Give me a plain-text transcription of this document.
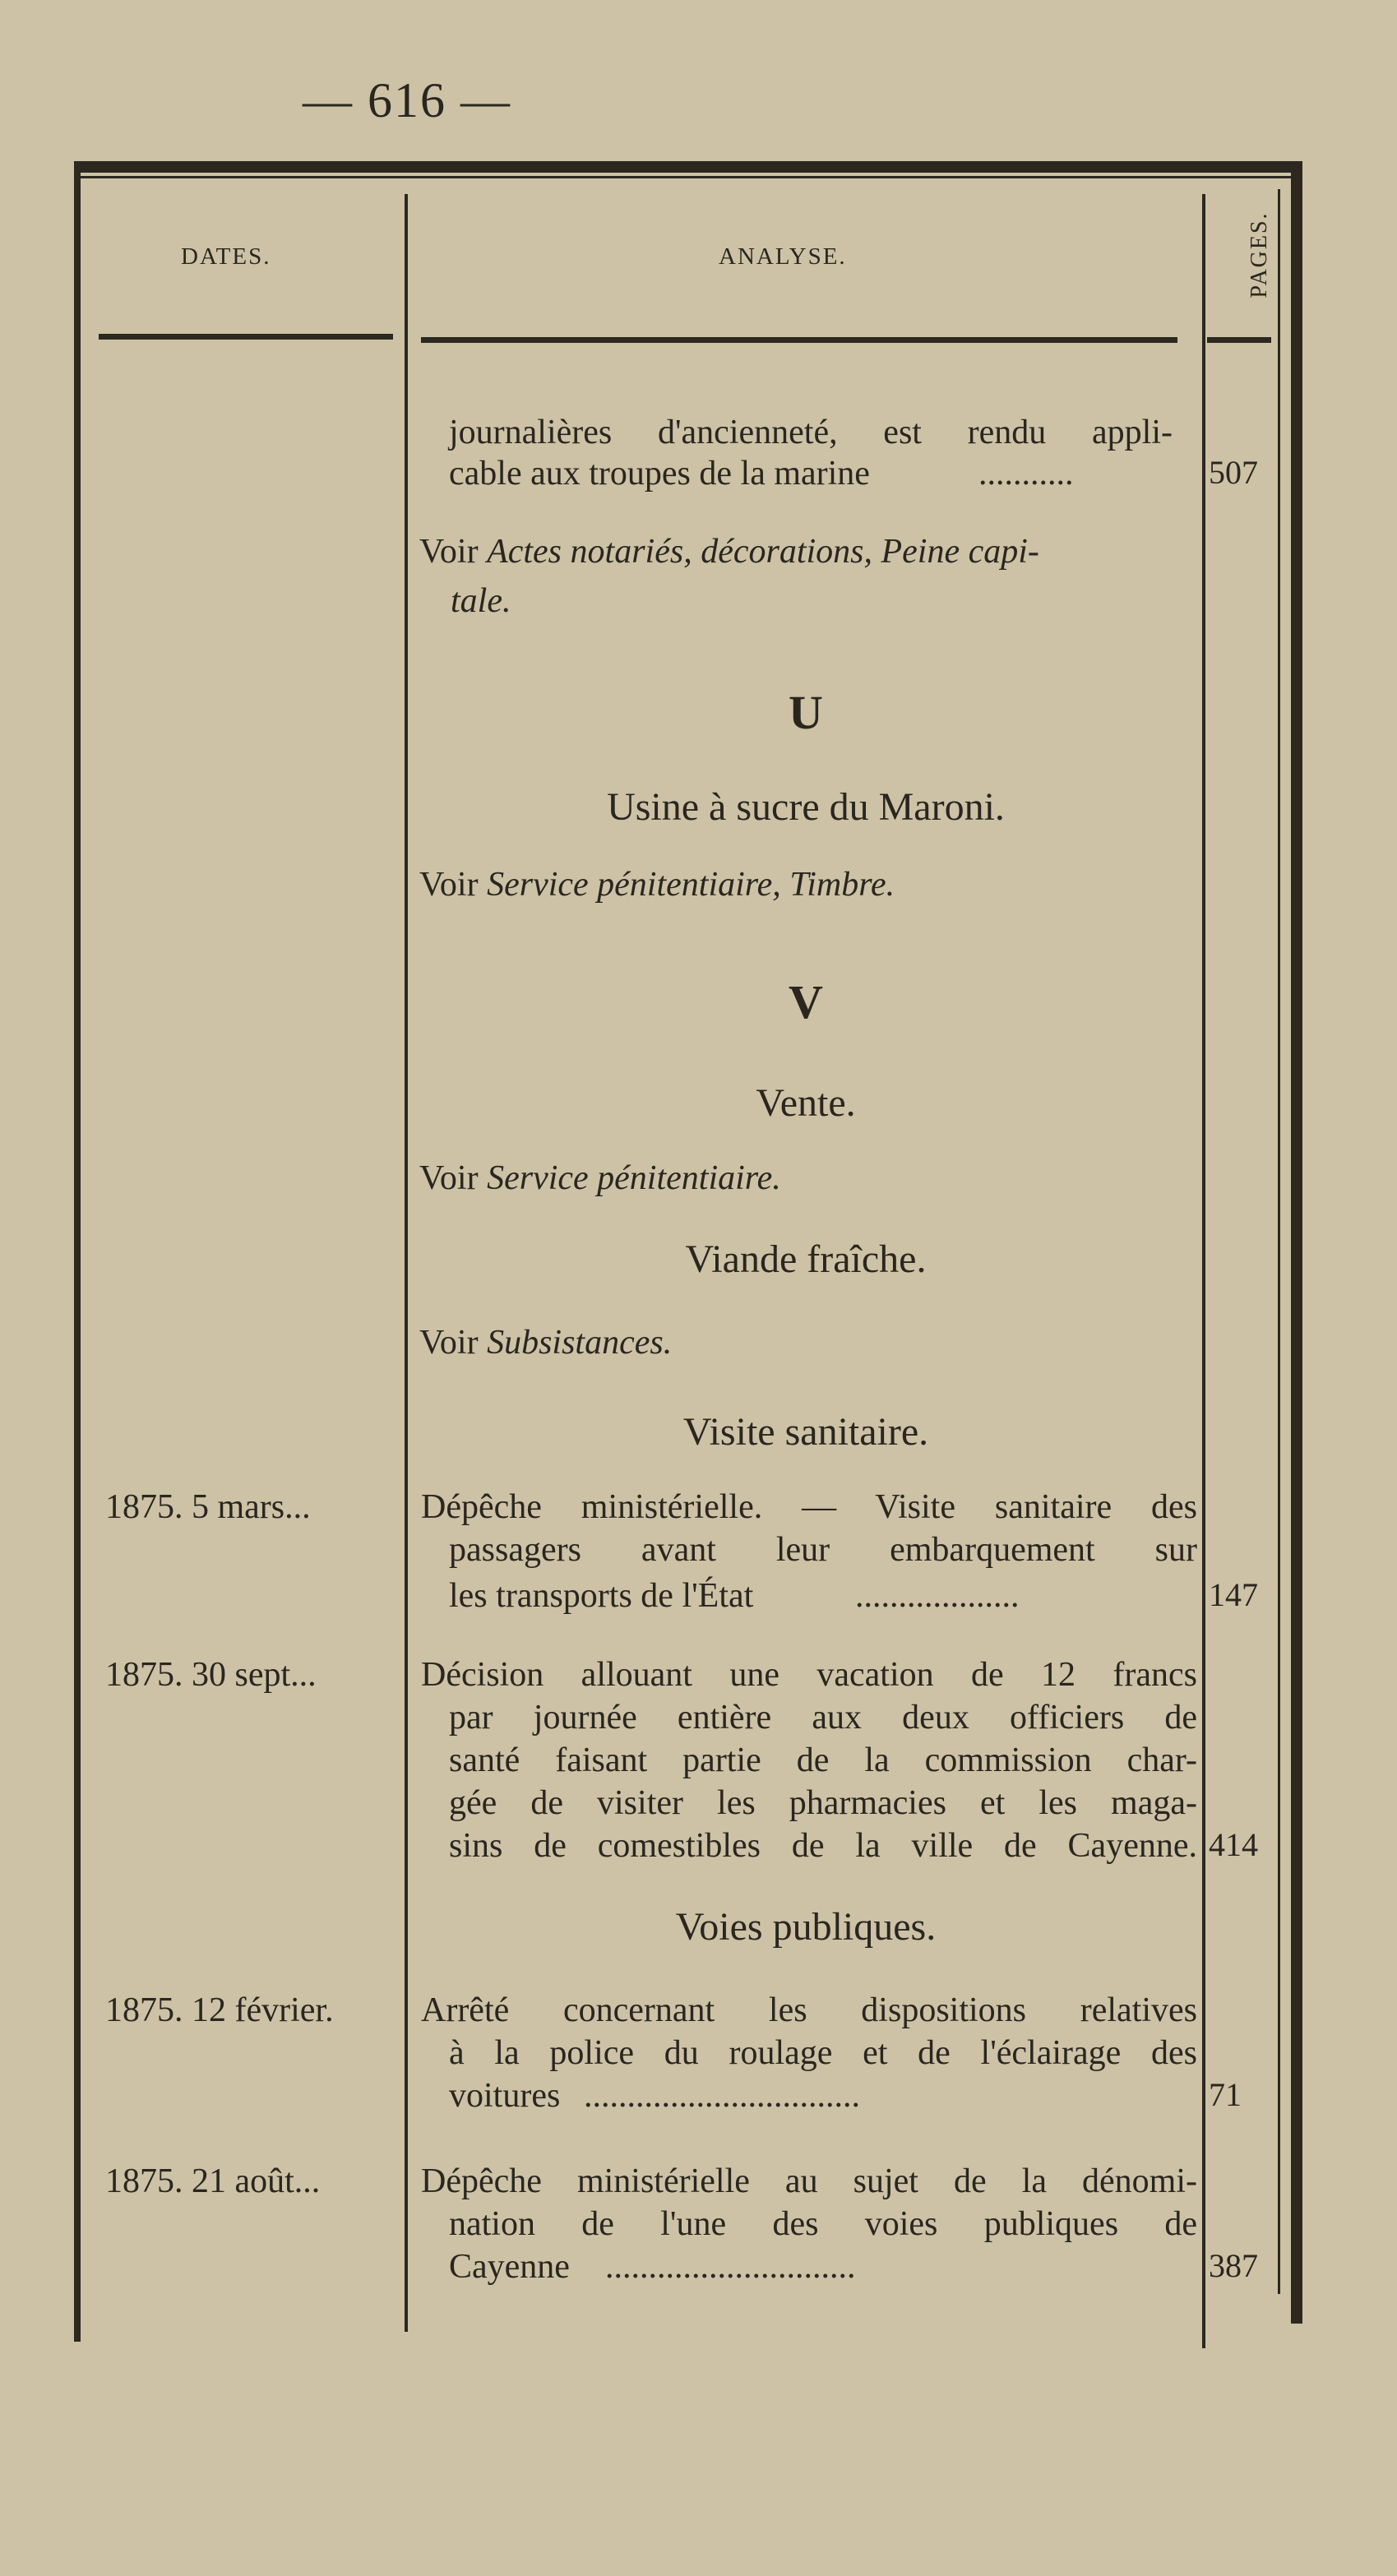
— 616 —
DATES.	ANALYSE.	PAGES.
journalières d'ancienneté, est rendu appli-
cable aux troupes de la marine	...........	507
Voir Actes notariés, décorations, Peine capi-
tale.
U
Usine à sucre du Maroni.
Voir Service pénitentiaire, Timbre.
V
Vente.
Voir Service pénitentiaire.
Viande fraîche.
Voir Subsistances.
Visite sanitaire.
1875. 5 mars...	Dépêche ministérielle. — Visite sanitaire des
passagers avant leur embarquement sur
les transports de l'État	...................	147
1875. 30 sept...	Décision allouant une vacation de 12 francs
par journée entière aux deux officiers de
santé faisant partie de la commission char-
gée de visiter les pharmacies et les maga-
sins de comestibles de la ville de Cayenne. 414
Voies publiques.
1875. 12 février.	Arrêté concernant les dispositions relatives
à la police du roulage et de l'éclairage des
voitures ................................	71
1875. 21 août...	Dépêche ministérielle au sujet de la dénomi-
nation de l'une des voies publiques de
Cayenne .............................	387
